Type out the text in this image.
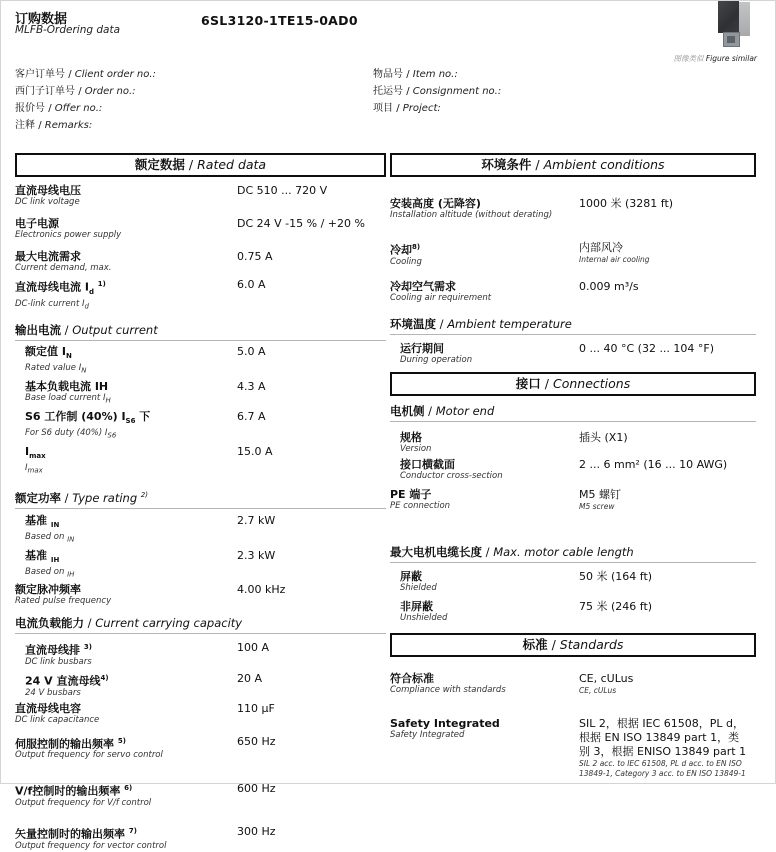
订购数据
MLFB-Ordering data
6SL3120-1TE15-0AD0
图像类似 Figure similar
客户订单号 / Client order no.:
西门子订单号 / Order no.:
报价号 / Offer no.:
注释 / Remarks:
物品号 / Item no.:
托运号 / Consignment no.:
项目 / Project:
额定数据 / Rated data
直流母线电压
DC link voltage
DC 510 ... 720 V
电子电源
Electronics power supply
DC 24 V -15 % / +20 %
最大电流需求
Current demand, max.
0.75 A
直流母线电流 $I_d$ $^{1)}$
DC-link current $I_d$
6.0 A
输出电流 / Output current
额定值 $I_N$
Rated value $I_N$
5.0 A
基本负载电流 IH
Base load current $I_H$
4.3 A
S6 工作制 (40%) $I_{S6}$ 下
For S6 duty (40%) $I_{S6}$
6.7 A
$I_{max}$
$I_{max}$
15.0 A
额定功率 / Type rating $^{2)}$
基准 $_{IN}$
Based on $_{IN}$
2.7 kW
基准 $_{IH}$
Based on $_{IH}$
2.3 kW
额定脉冲频率
Rated pulse frequency
4.00 kHz
电流负载能力 / Current carrying capacity
直流母线排 $^{3)}$
DC link busbars
100 A
24 V 直流母线$^{4)}$
24 V busbars
20 A
直流母线电容
DC link capacitance
110 µF
伺服控制的输出频率 $^{5)}$
Output frequency for servo control
650 Hz
V/f控制时的输出频率 $^{6)}$
Output frequency for V/f control
600 Hz
矢量控制时的输出频率 $^{7)}$
Output frequency for vector control
300 Hz
环境条件 / Ambient conditions
安装高度 (无降容)
Installation altitude (without derating)
1000 米 (3281 ft)
冷却$^{8)}$
Cooling
内部风冷
Internal air cooling
冷却空气需求
Cooling air requirement
0.009 m³/s
环境温度 / Ambient temperature
运行期间
During operation
0 ... 40 °C (32 ... 104 °F)
接口 / Connections
电机侧 / Motor end
规格
Version
插头 (X1)
接口横截面
Conductor cross-section
2 ... 6 mm² (16 ... 10 AWG)
PE 端子
PE connection
M5 螺钉
M5 screw
最大电机电缆长度 / Max. motor cable length
屏蔽
Shielded
50 米 (164 ft)
非屏蔽
Unshielded
75 米 (246 ft)
标准 / Standards
符合标准
Compliance with standards
CE, cULus
CE, cULus
Safety Integrated
Safety Integrated
SIL 2，根据 IEC 61508，PL d，根据 EN ISO 13849 part 1，类别 3，根据 ENISO 13849 part 1
SIL 2 acc. to IEC 61508, PL d acc. to EN ISO 13849-1, Category 3 acc. to EN ISO 13849-1
